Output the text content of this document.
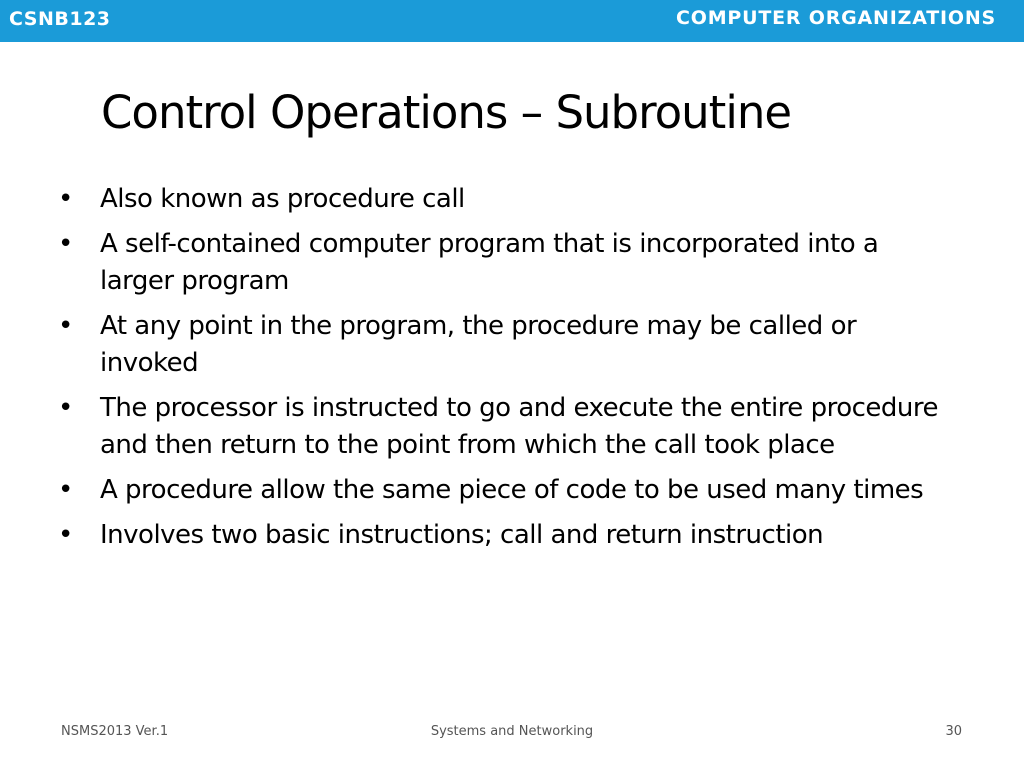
CSNB123	COMPUTER ORGANIZATIONS
Control Operations – Subroutine
• Also known as procedure call
• A self-contained computer program that is incorporated into a larger program
• At any point in the program, the procedure may be called or invoked
• The processor is instructed to go and execute the entire procedure and then return to the point from which the call took place
• A procedure allow the same piece of code to be used many times
• Involves two basic instructions; call and return instruction
NSMS2013 Ver.1	Systems and Networking	30
